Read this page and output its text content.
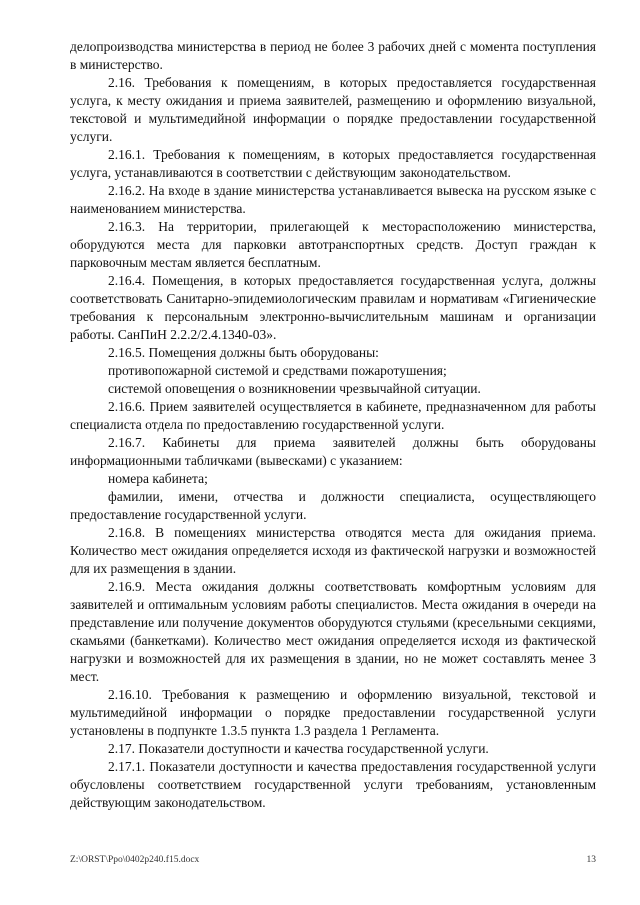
делопроизводства министерства в период не более 3 рабочих дней с момента поступления в министерство.

2.16. Требования к помещениям, в которых предоставляется государственная услуга, к месту ожидания и приема заявителей, размещению и оформлению визуальной, текстовой и мультимедийной информации о порядке предоставлении государственной услуги.

2.16.1. Требования к помещениям, в которых предоставляется государственная услуга, устанавливаются в соответствии с действующим законодательством.

2.16.2. На входе в здание министерства устанавливается вывеска на русском языке с наименованием министерства.

2.16.3. На территории, прилегающей к месторасположению министерства, оборудуются места для парковки автотранспортных средств. Доступ граждан к парковочным местам является бесплатным.

2.16.4. Помещения, в которых предоставляется государственная услуга, должны соответствовать Санитарно-эпидемиологическим правилам и нормативам «Гигиенические требования к персональным электронно-вычислительным машинам и организации работы. СанПиН 2.2.2/2.4.1340-03».

2.16.5. Помещения должны быть оборудованы:

противопожарной системой и средствами пожаротушения;

системой оповещения о возникновении чрезвычайной ситуации.

2.16.6. Прием заявителей осуществляется в кабинете, предназначенном для работы специалиста отдела по предоставлению государственной услуги.

2.16.7. Кабинеты для приема заявителей должны быть оборудованы информационными табличками (вывесками) с указанием:

номера кабинета;

фамилии, имени, отчества и должности специалиста, осуществляющего предоставление государственной услуги.

2.16.8. В помещениях министерства отводятся места для ожидания приема. Количество мест ожидания определяется исходя из фактической нагрузки и возможностей для их размещения в здании.

2.16.9. Места ожидания должны соответствовать комфортным условиям для заявителей и оптимальным условиям работы специалистов. Места ожидания в очереди на представление или получение документов оборудуются стульями (кресельными секциями, скамьями (банкетками). Количество мест ожидания определяется исходя из фактической нагрузки и возможностей для их размещения в здании, но не может составлять менее 3 мест.

2.16.10. Требования к размещению и оформлению визуальной, текстовой и мультимедийной информации о порядке предоставлении государственной услуги установлены в подпункте 1.3.5 пункта 1.3 раздела 1 Регламента.

2.17. Показатели доступности и качества государственной услуги.

2.17.1. Показатели доступности и качества предоставления государственной услуги обусловлены соответствием государственной услуги требованиям, установленным действующим законодательством.

Z:\ORST\Ppo\0402p240.f15.docx	13
